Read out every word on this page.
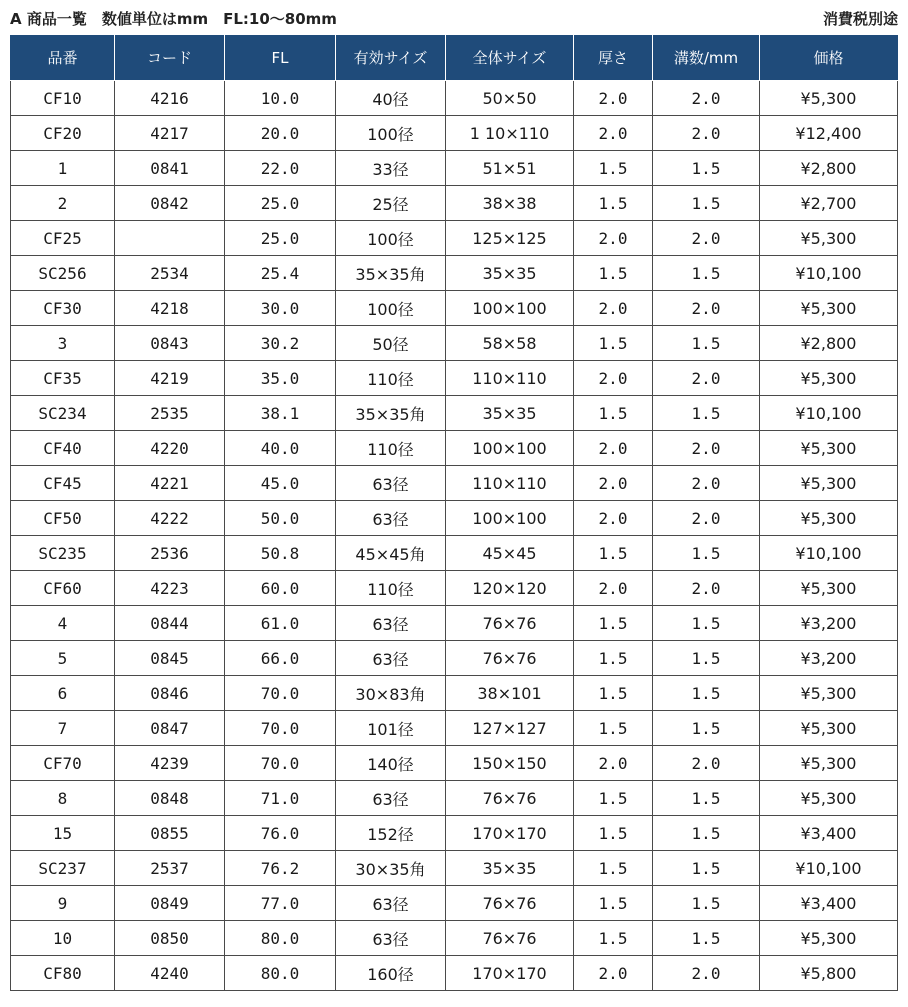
A 商品一覧　数値単位はmm　FL:10～80mm	消費税別途
品番	コード	FL	有効サイズ	全体サイズ	厚さ	溝数/mm	価格
CF10	4216	10.0	40径	50×50	2.0	2.0	¥5,300
CF20	4217	20.0	100径	1 10×110	2.0	2.0	¥12,400
1	0841	22.0	33径	51×51	1.5	1.5	¥2,800
2	0842	25.0	25径	38×38	1.5	1.5	¥2,700
CF25		25.0	100径	125×125	2.0	2.0	¥5,300
SC256	2534	25.4	35×35角	35×35	1.5	1.5	¥10,100
CF30	4218	30.0	100径	100×100	2.0	2.0	¥5,300
3	0843	30.2	50径	58×58	1.5	1.5	¥2,800
CF35	4219	35.0	110径	110×110	2.0	2.0	¥5,300
SC234	2535	38.1	35×35角	35×35	1.5	1.5	¥10,100
CF40	4220	40.0	110径	100×100	2.0	2.0	¥5,300
CF45	4221	45.0	63径	110×110	2.0	2.0	¥5,300
CF50	4222	50.0	63径	100×100	2.0	2.0	¥5,300
SC235	2536	50.8	45×45角	45×45	1.5	1.5	¥10,100
CF60	4223	60.0	110径	120×120	2.0	2.0	¥5,300
4	0844	61.0	63径	76×76	1.5	1.5	¥3,200
5	0845	66.0	63径	76×76	1.5	1.5	¥3,200
6	0846	70.0	30×83角	38×101	1.5	1.5	¥5,300
7	0847	70.0	101径	127×127	1.5	1.5	¥5,300
CF70	4239	70.0	140径	150×150	2.0	2.0	¥5,300
8	0848	71.0	63径	76×76	1.5	1.5	¥5,300
15	0855	76.0	152径	170×170	1.5	1.5	¥3,400
SC237	2537	76.2	30×35角	35×35	1.5	1.5	¥10,100
9	0849	77.0	63径	76×76	1.5	1.5	¥3,400
10	0850	80.0	63径	76×76	1.5	1.5	¥5,300
CF80	4240	80.0	160径	170×170	2.0	2.0	¥5,800
